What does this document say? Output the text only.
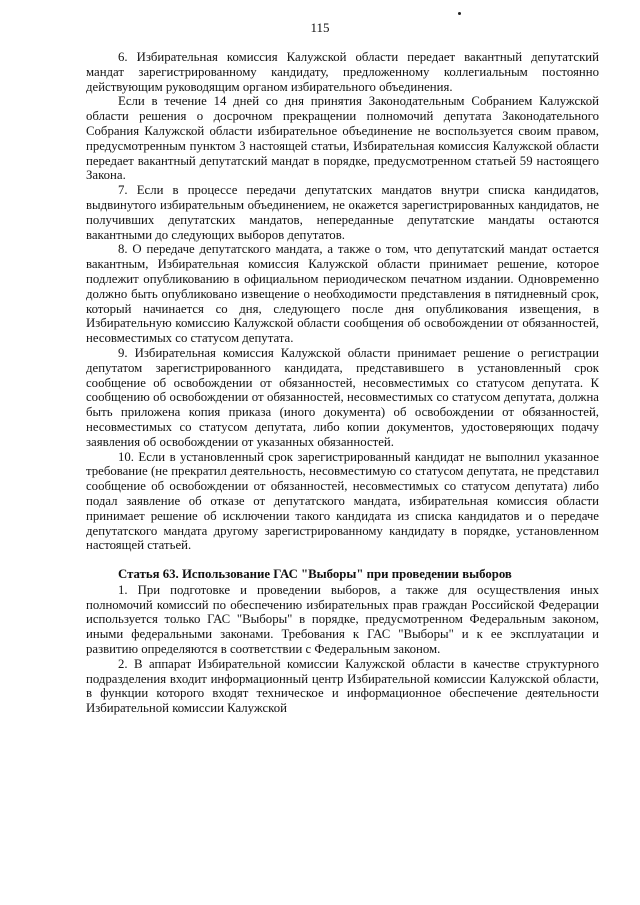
115

6. Избирательная комиссия Калужской области передает вакантный депутатский мандат зарегистрированному кандидату, предложенному коллегиальным постоянно действующим руководящим органом избирательного объединения.

Если в течение 14 дней со дня принятия Законодательным Собранием Калужской области решения о досрочном прекращении полномочий депутата Законодательного Собрания Калужской области избирательное объединение не воспользуется своим правом, предусмотренным пунктом 3 настоящей статьи, Избирательная комиссия Калужской области передает вакантный депутатский мандат в порядке, предусмотренном статьей 59 настоящего Закона.

7. Если в процессе передачи депутатских мандатов внутри списка кандидатов, выдвинутого избирательным объединением, не окажется зарегистрированных кандидатов, не получивших депутатских мандатов, непереданные депутатские мандаты остаются вакантными до следующих выборов депутатов.

8. О передаче депутатского мандата, а также о том, что депутатский мандат остается вакантным, Избирательная комиссия Калужской области принимает решение, которое подлежит опубликованию в официальном периодическом печатном издании. Одновременно должно быть опубликовано извещение о необходимости представления в пятидневный срок, который начинается со дня, следующего после дня опубликования извещения, в Избирательную комиссию Калужской области сообщения об освобождении от обязанностей, несовместимых со статусом депутата.

9. Избирательная комиссия Калужской области принимает решение о регистрации депутатом зарегистрированного кандидата, представившего в установленный срок сообщение об освобождении от обязанностей, несовместимых со статусом депутата. К сообщению об освобождении от обязанностей, несовместимых со статусом депутата, должна быть приложена копия приказа (иного документа) об освобождении от обязанностей, несовместимых со статусом депутата, либо копии документов, удостоверяющих подачу заявления об освобождении от указанных обязанностей.

10. Если в установленный срок зарегистрированный кандидат не выполнил указанное требование (не прекратил деятельность, несовместимую со статусом депутата, не представил сообщение об освобождении от обязанностей, несовместимых со статусом депутата) либо подал заявление об отказе от депутатского мандата, избирательная комиссия области принимает решение об исключении такого кандидата из списка кандидатов и о передаче депутатского мандата другому зарегистрированному кандидату в порядке, установленном настоящей статьей.

Статья 63. Использование ГАС "Выборы" при проведении выборов

1. При подготовке и проведении выборов, а также для осуществления иных полномочий комиссий по обеспечению избирательных прав граждан Российской Федерации используется только ГАС "Выборы" в порядке, предусмотренном Федеральным законом, иными федеральными законами. Требования к ГАС "Выборы" и к ее эксплуатации и развитию определяются в соответствии с Федеральным законом.

2. В аппарат Избирательной комиссии Калужской области в качестве структурного подразделения входит информационный центр Избирательной комиссии Калужской области, в функции которого входят техническое и информационное обеспечение деятельности Избирательной комиссии Калужской
